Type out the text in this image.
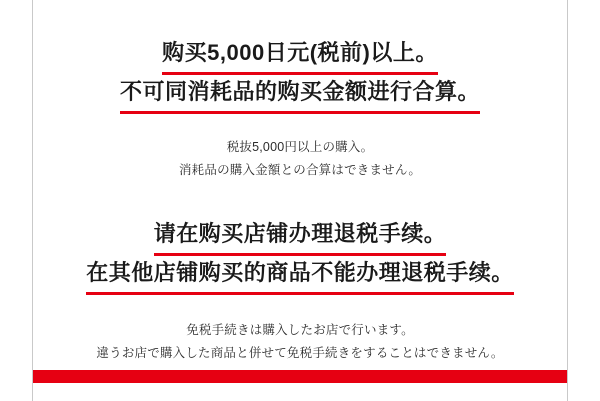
购买5,000日元(税前)以上。
不可同消耗品的购买金额进行合算。
税抜5,000円以上の購入。
消耗品の購入金額との合算はできません。
请在购买店铺办理退税手续。
在其他店铺购买的商品不能办理退税手续。
免税手続きは購入したお店で行います。
違うお店で購入した商品と併せて免税手続きをすることはできません。
